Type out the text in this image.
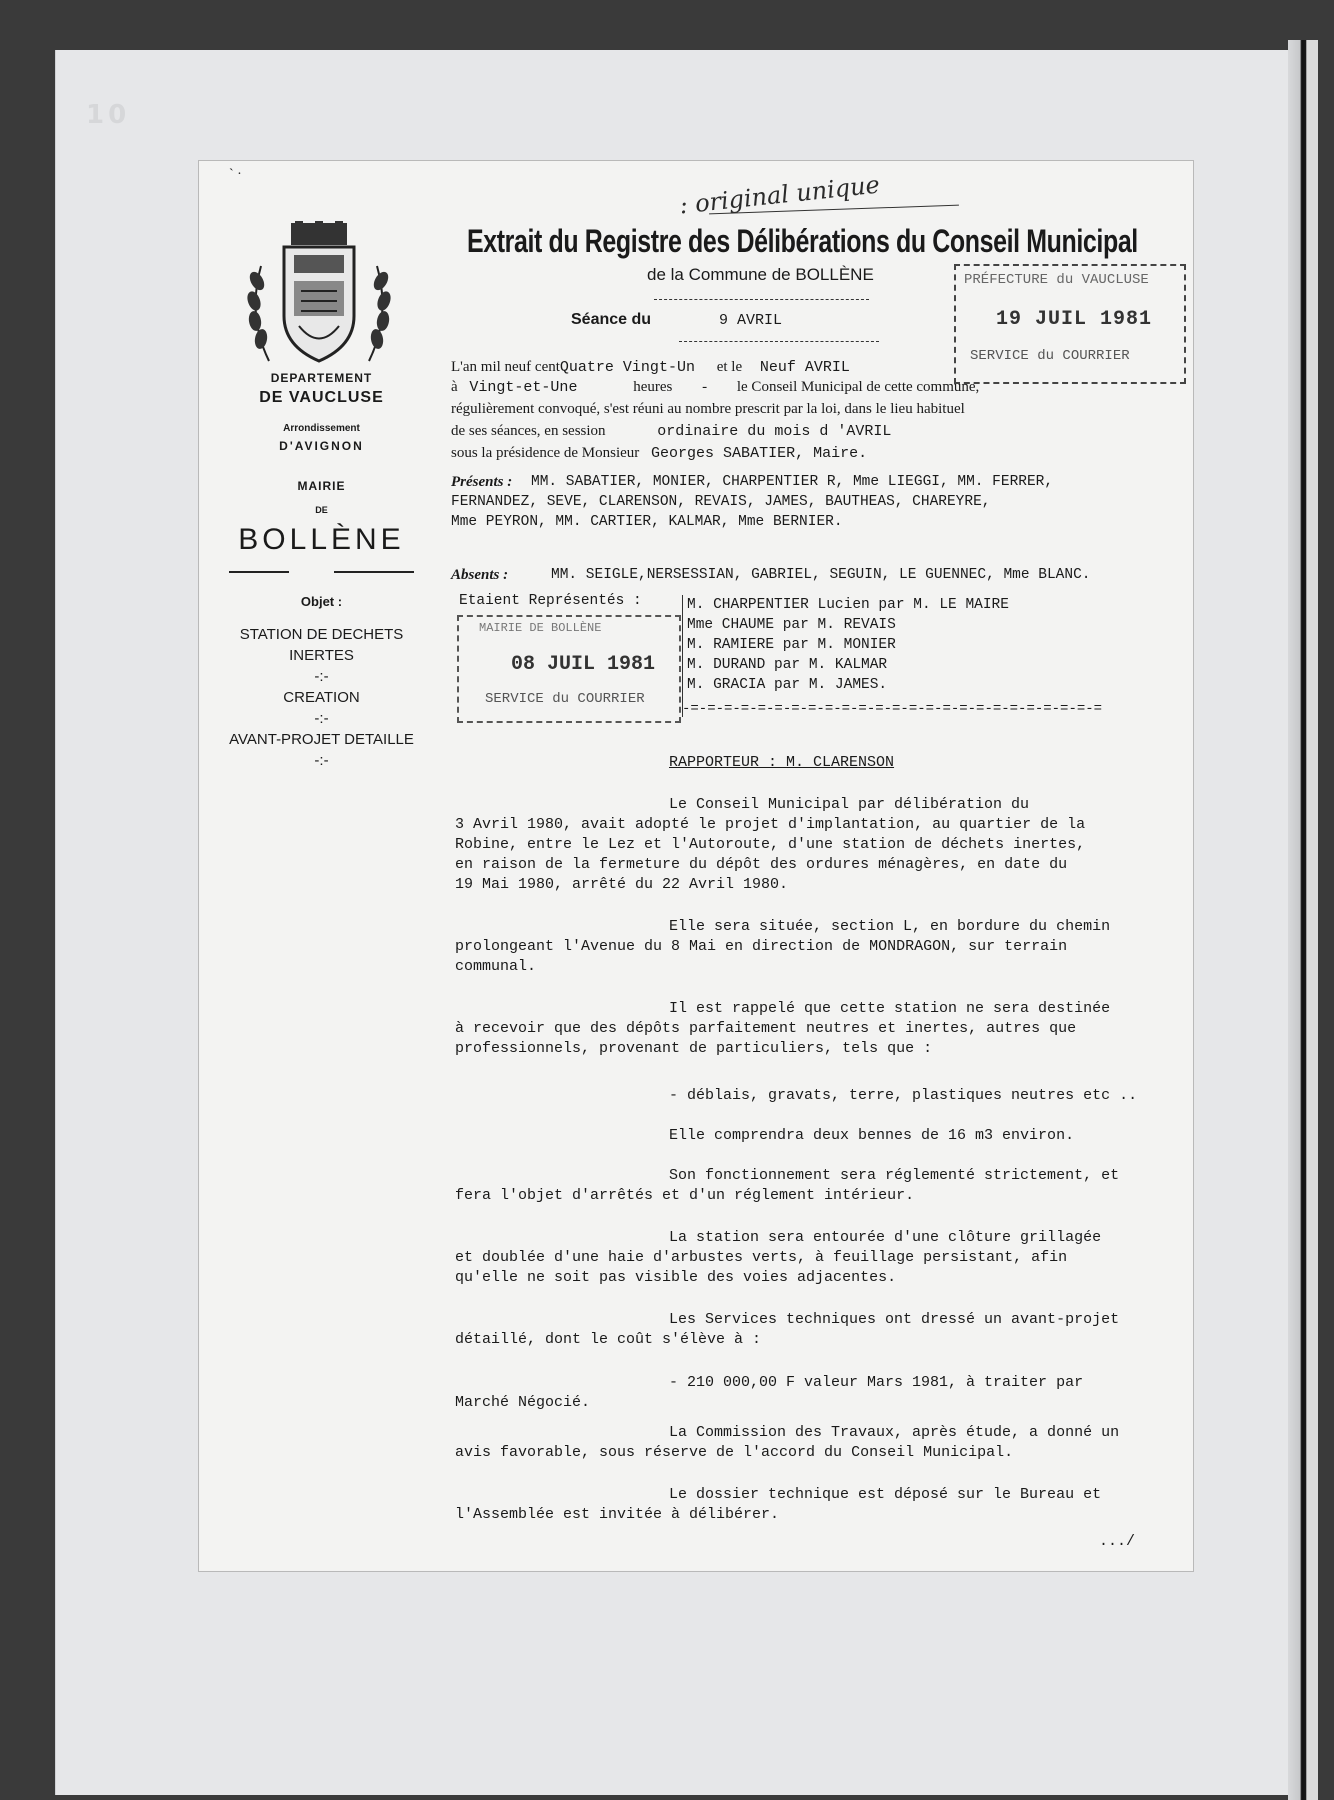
10
` ·
DEPARTEMENT
DE VAUCLUSE
Arrondissement
D'AVIGNON
MAIRIE
DE
BOLLÈNE
Objet :
STATION DE DECHETS
INERTES
-:-
CREATION
-:-
AVANT-PROJET DETAILLE
-:-
: original unique
Extrait du Registre des Délibérations du Conseil Municipal
de la Commune de BOLLÈNE
Séance du	9 AVRIL
PRÉFECTURE du VAUCLUSE
19 JUIL 1981
SERVICE du COURRIER
L'an mil neuf centQuatre Vingt-Un et le Neuf AVRIL
à Vingt-et-Une	heures - le Conseil Municipal de cette commune,
régulièrement convoqué, s'est réuni au nombre prescrit par la loi, dans le lieu habituel
de ses séances, en session	ordinaire du mois d 'AVRIL
sous la présidence de Monsieur Georges SABATIER, Maire.
Présents : MM. SABATIER, MONIER, CHARPENTIER R, Mme LIEGGI, MM. FERRER,
FERNANDEZ, SEVE, CLARENSON, REVAIS, JAMES, BAUTHEAS, CHAREYRE,
Mme PEYRON, MM. CARTIER, KALMAR, Mme BERNIER.
Absents :	MM. SEIGLE,NERSESSIAN, GABRIEL, SEGUIN, LE GUENNEC, Mme BLANC.
Etaient Représentés :
MAIRIE DE BOLLÈNE
08 JUIL 1981
SERVICE du COURRIER
M. CHARPENTIER Lucien par M. LE MAIRE
Mme CHAUME par M. REVAIS
M. RAMIERE par M. MONIER
M. DURAND par M. KALMAR
M. GRACIA par M. JAMES.
-=-=-=-=-=-=-=-=-=-=-=-=-=-=-=-=-=-=-=-=-=-=-=-=-=
RAPPORTEUR : M. CLARENSON
Le Conseil Municipal par délibération du
3 Avril 1980, avait adopté le projet d'implantation, au quartier de la
Robine, entre le Lez et l'Autoroute, d'une station de déchets inertes,
en raison de la fermeture du dépôt des ordures ménagères, en date du
19 Mai 1980, arrêté du 22 Avril 1980.
Elle sera située, section L, en bordure du chemin
prolongeant l'Avenue du 8 Mai en direction de MONDRAGON, sur terrain
communal.
Il est rappelé que cette station ne sera destinée
à recevoir que des dépôts parfaitement neutres et inertes, autres que
professionnels, provenant de particuliers, tels que :
- déblais, gravats, terre, plastiques neutres etc ..
Elle comprendra deux bennes de 16 m3 environ.
Son fonctionnement sera réglementé strictement, et
fera l'objet d'arrêtés et d'un réglement intérieur.
La station sera entourée d'une clôture grillagée
et doublée d'une haie d'arbustes verts, à feuillage persistant, afin
qu'elle ne soit pas visible des voies adjacentes.
Les Services techniques ont dressé un avant-projet
détaillé, dont le coût s'élève à :
- 210 000,00 F valeur Mars 1981, à traiter par
Marché Négocié.
La Commission des Travaux, après étude, a donné un
avis favorable, sous réserve de l'accord du Conseil Municipal.
Le dossier technique est déposé sur le Bureau et
l'Assemblée est invitée à délibérer.
.../
